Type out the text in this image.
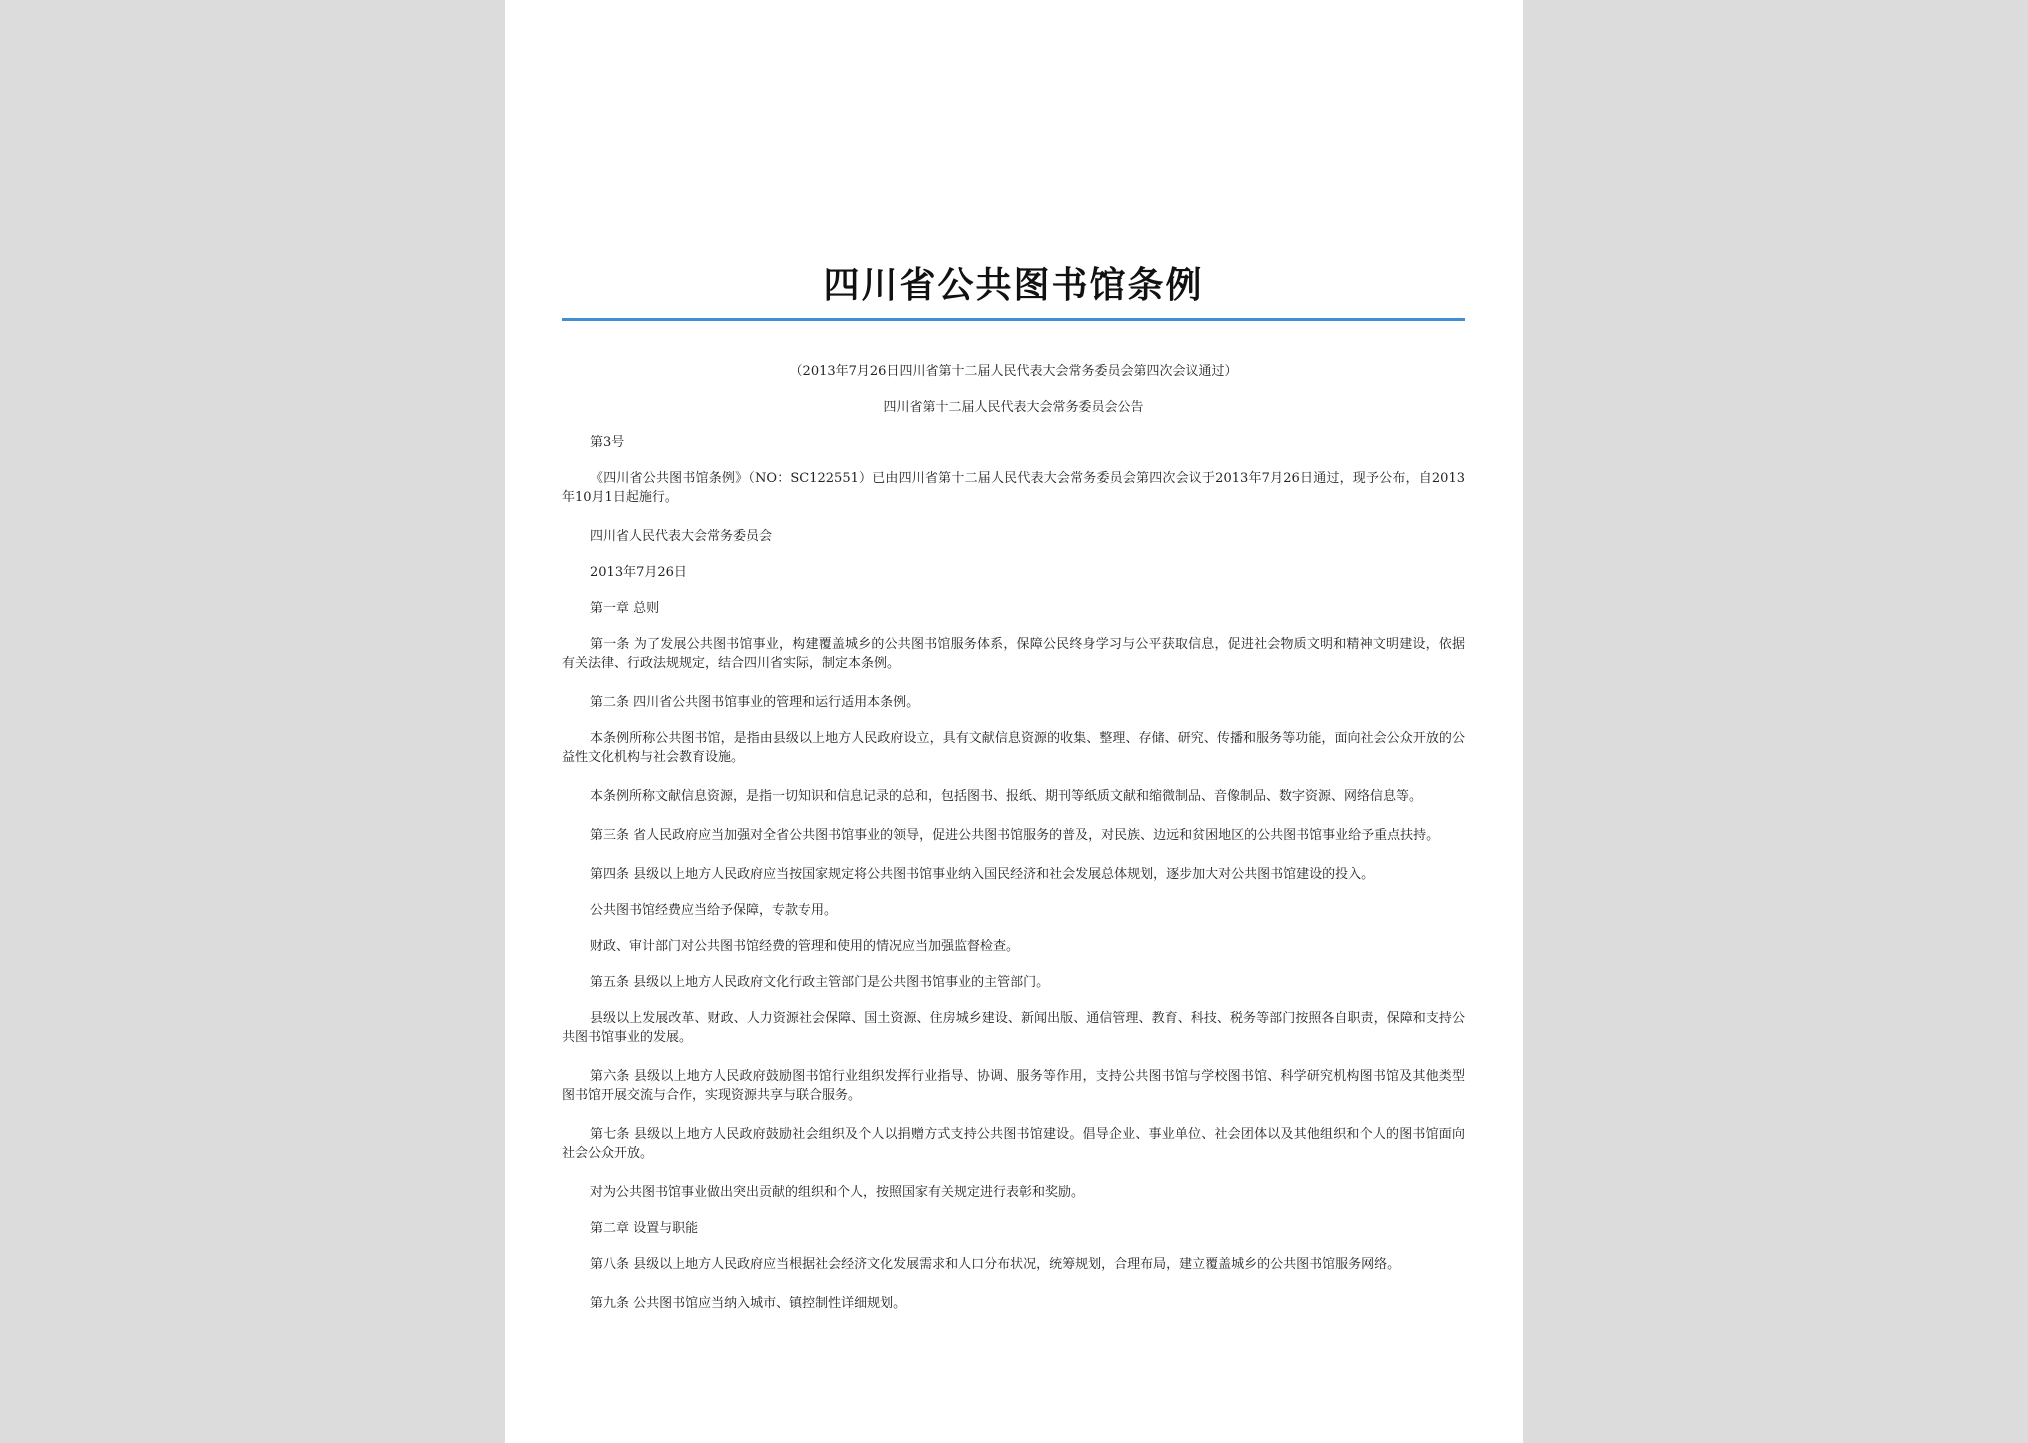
四川省公共图书馆条例
（2013年7月26日四川省第十二届人民代表大会常务委员会第四次会议通过）
四川省第十二届人民代表大会常务委员会公告

第3号

《四川省公共图书馆条例》（NO：SC122551）已由四川省第十二届人民代表大会常务委员会第四次会议于2013年7月26日通过，现予公布，自2013年10月1日起施行。

四川省人民代表大会常务委员会

2013年7月26日

第一章 总则

第一条 为了发展公共图书馆事业，构建覆盖城乡的公共图书馆服务体系，保障公民终身学习与公平获取信息，促进社会物质文明和精神文明建设，依据有关法律、行政法规规定，结合四川省实际，制定本条例。

第二条 四川省公共图书馆事业的管理和运行适用本条例。

本条例所称公共图书馆，是指由县级以上地方人民政府设立，具有文献信息资源的收集、整理、存储、研究、传播和服务等功能，面向社会公众开放的公益性文化机构与社会教育设施。

本条例所称文献信息资源，是指一切知识和信息记录的总和，包括图书、报纸、期刊等纸质文献和缩微制品、音像制品、数字资源、网络信息等。

第三条 省人民政府应当加强对全省公共图书馆事业的领导，促进公共图书馆服务的普及，对民族、边远和贫困地区的公共图书馆事业给予重点扶持。

第四条 县级以上地方人民政府应当按国家规定将公共图书馆事业纳入国民经济和社会发展总体规划，逐步加大对公共图书馆建设的投入。

公共图书馆经费应当给予保障，专款专用。

财政、审计部门对公共图书馆经费的管理和使用的情况应当加强监督检查。

第五条 县级以上地方人民政府文化行政主管部门是公共图书馆事业的主管部门。

县级以上发展改革、财政、人力资源社会保障、国土资源、住房城乡建设、新闻出版、通信管理、教育、科技、税务等部门按照各自职责，保障和支持公共图书馆事业的发展。

第六条 县级以上地方人民政府鼓励图书馆行业组织发挥行业指导、协调、服务等作用，支持公共图书馆与学校图书馆、科学研究机构图书馆及其他类型图书馆开展交流与合作，实现资源共享与联合服务。

第七条 县级以上地方人民政府鼓励社会组织及个人以捐赠方式支持公共图书馆建设。倡导企业、事业单位、社会团体以及其他组织和个人的图书馆面向社会公众开放。

对为公共图书馆事业做出突出贡献的组织和个人，按照国家有关规定进行表彰和奖励。

第二章 设置与职能

第八条 县级以上地方人民政府应当根据社会经济文化发展需求和人口分布状况，统筹规划，合理布局，建立覆盖城乡的公共图书馆服务网络。

第九条 公共图书馆应当纳入城市、镇控制性详细规划。
